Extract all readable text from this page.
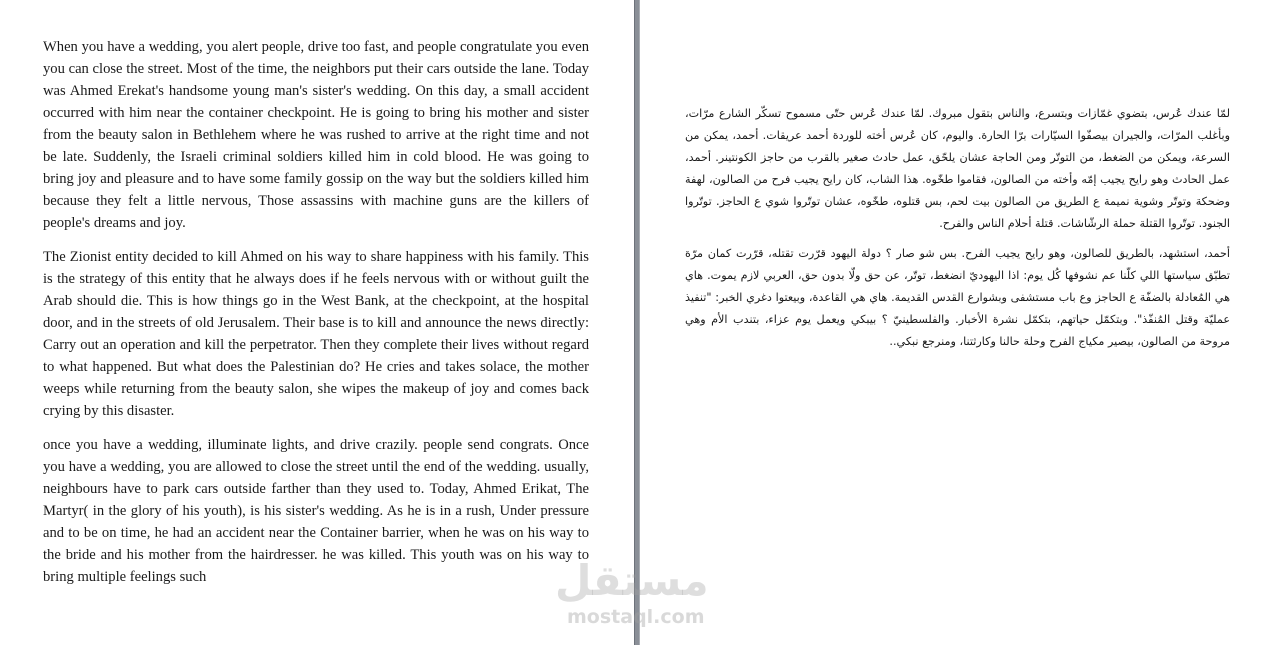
When you have a wedding, you alert people, drive too fast, and people congratulate you even you can close the street. Most of the time, the neighbors put their cars outside the lane. Today was Ahmed Erekat's handsome young man's sister's wedding. On this day, a small accident occurred with him near the container checkpoint. He is going to bring his mother and sister from the beauty salon in Bethlehem where he was rushed to arrive at the right time and not be late. Suddenly, the Israeli criminal soldiers killed him in cold blood. He was going to bring joy and pleasure and to have some family gossip on the way but the soldiers killed him because they felt a little nervous, Those assassins with machine guns are the killers of people's dreams and joy.

The Zionist entity decided to kill Ahmed on his way to share happiness with his family. This is the strategy of this entity that he always does if he feels nervous with or without guilt the Arab should die. This is how things go in the West Bank, at the checkpoint, at the hospital door, and in the streets of old Jerusalem. Their base is to kill and announce the news directly: Carry out an operation and kill the perpetrator. Then they complete their lives without regard to what happened. But what does the Palestinian do? He cries and takes solace, the mother weeps while returning from the beauty salon, she wipes the makeup of joy and comes back crying by this disaster.

once you have a wedding, illuminate lights, and drive crazily. people send congrats. Once you have a wedding, you are allowed to close the street until the end of the wedding. usually, neighbours have to park cars outside farther than they used to. Today, Ahmed Erikat, The Martyr( in the glory of his youth), is his sister's wedding. As he is in a rush, Under pressure and to be on time, he had an accident near the Container barrier, when he was on his way to the bride and his mother from the hairdresser. he was killed. This youth was on his way to bring multiple feelings such

لمّا عندك عُرس، بتضوي غمّازات وبتسرع، والناس بتقول مبروك. لمّا عندك عُرس حتّى مسموح تسكّر الشارع مرّات، وبأغلب المرّات، والجيران بيصفّوا السيّارات برّا الحارة. واليوم، كان عُرس أخته للوردة أحمد عريقات. أحمد، يمكن من السرعة، ويمكن من الضغط، من التوتّر ومن الحاجة عشان يلحّق، عمل حادث صغير بالقرب من حاجز الكونتينر. أحمد، عمل الحادث وهو رايح يجيب إمّه وأخته من الصالون، فقاموا طخّوه. هذا الشاب، كان رايح يجيب فرح من الصالون، لهفة وضحكة وتوتّر وشوية نميمة ع الطريق من الصالون بيت لحم، بس قتلوه، طخّوه، عشان توتّروا شوي ع الحاجز. توتّروا الجنود. توتّروا القتلة حملة الرشّاشات. قتلة أحلام الناس والفرح.

أحمد، استشهد، بالطريق للصالون، وهو رايح يجيب الفرح. بس شو صار ؟ دولة اليهود قرّرت تقتله، قرّرت كمان مرّة تطبّق سياستها اللي كلّنا عم نشوفها كُل يوم: اذا اليهوديّ انضغط، توتّر، عن حق ولّا بدون حق، العربي لازم يموت. هاي هي المُعادلة بالضفّة ع الحاجز وع باب مستشفى وبشوارع القدس القديمة. هاي هي القاعدة، وبيعتوا دغري الخبر: "تنفيذ عمليّة وقتل المُنفّذ". وبتكمّل حياتهم، بتكمّل نشرة الأخبار. والفلسطينيّ ؟ بيبكي ويعمل يوم عزاء، بتندب الأم وهي مروحة من الصالون، بيصير مكياج الفرح وحلة حالنا وكارثتنا، ومنرجع نبكي..

مستقل
mostaql.com
